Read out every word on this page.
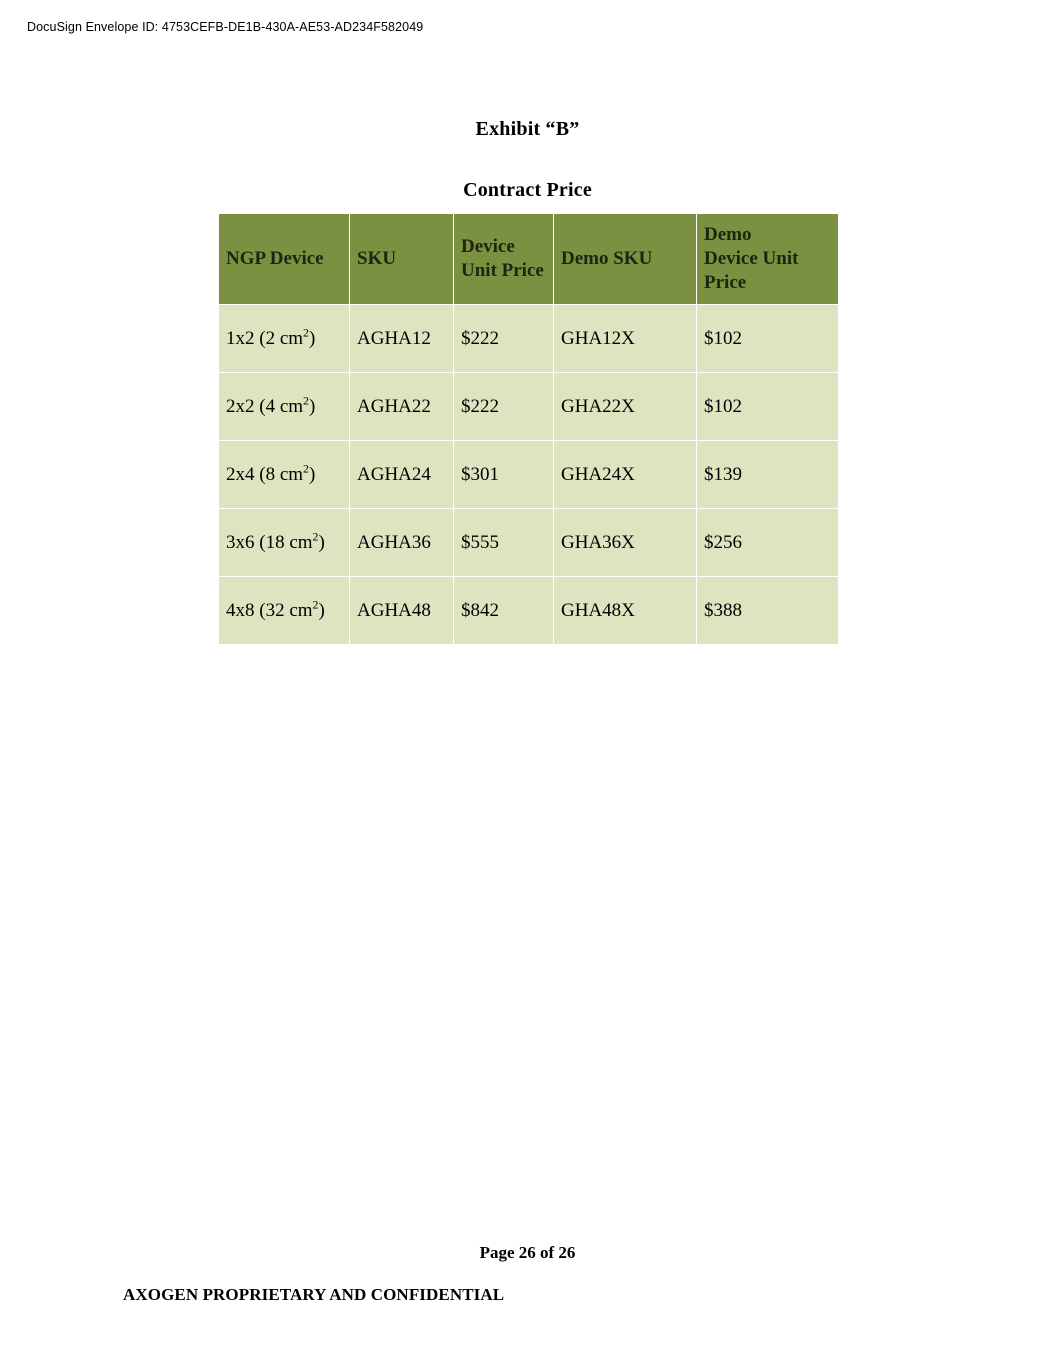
DocuSign Envelope ID: 4753CEFB-DE1B-430A-AE53-AD234F582049
Exhibit “B”
Contract Price
NGP Device	SKU	Device Unit Price	Demo SKU	Demo Device Unit Price

1x2 (2 $cm^2$)	AGHA12	$222	GHA12X	$102
2x2 (4 $cm^2$)	AGHA22	$222	GHA22X	$102
2x4 (8 $cm^2$)	AGHA24	$301	GHA24X	$139
3x6 (18 $cm^2$)	AGHA36	$555	GHA36X	$256
4x8 (32 $cm^2$)	AGHA48	$842	GHA48X	$388
Page 26 of 26
AXOGEN PROPRIETARY AND CONFIDENTIAL
